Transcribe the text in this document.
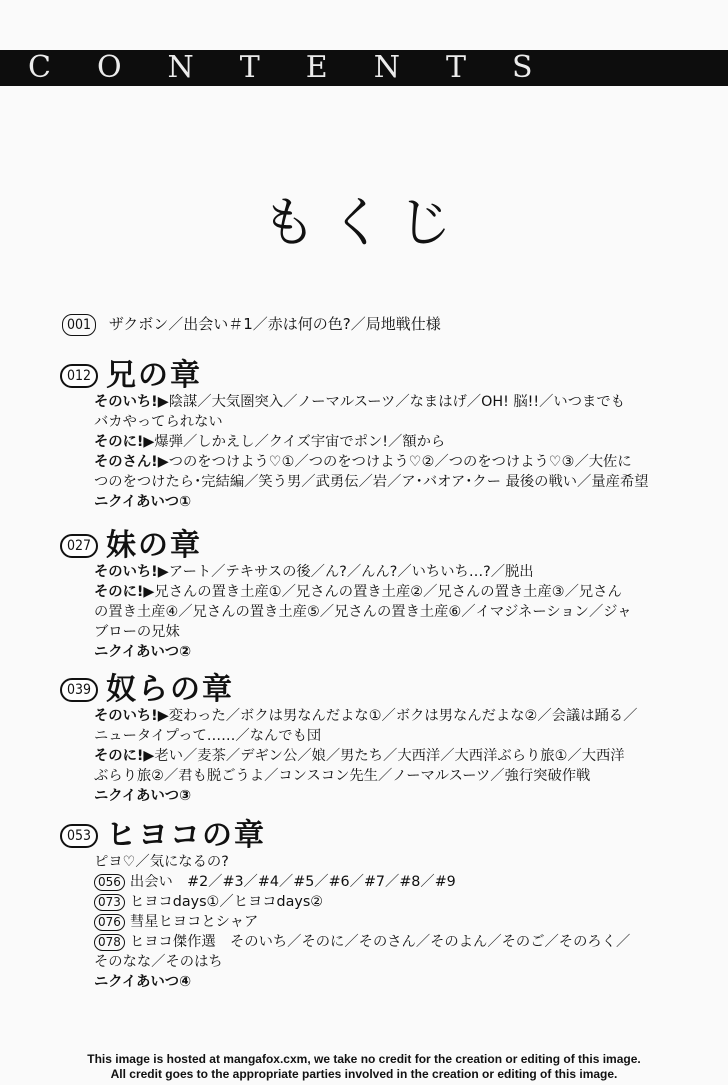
CONTENTS
もくじ
001 ザクボン／出会い＃1／赤は何の色?／局地戦仕様
012 兄の章
そのいち!▶陰謀／大気圏突入／ノーマルスーツ／なまはげ／OH! 脳!!／いつまでも
バカやってられない
そのに!▶爆弾／しかえし／クイズ宇宙でポン!／額から
そのさん!▶つのをつけよう♡①／つのをつけよう♡②／つのをつけよう♡③／大佐に
つのをつけたら･完結編／笑う男／武勇伝／岩／ア･バオア･クー 最後の戦い／量産希望
ニクイあいつ①
027 妹の章
そのいち!▶アート／テキサスの後／ん?／んん?／いちいち…?／脱出
そのに!▶兄さんの置き土産①／兄さんの置き土産②／兄さんの置き土産③／兄さん
の置き土産④／兄さんの置き土産⑤／兄さんの置き土産⑥／イマジネーション／ジャ
ブローの兄妹
ニクイあいつ②
039 奴らの章
そのいち!▶変わった／ボクは男なんだよな①／ボクは男なんだよな②／会議は踊る／
ニュータイプって……／なんでも団
そのに!▶老い／麦茶／デギン公／娘／男たち／大西洋／大西洋ぶらり旅①／大西洋
ぶらり旅②／君も脱ごうよ／コンスコン先生／ノーマルスーツ／強行突破作戦
ニクイあいつ③
053 ヒヨコの章
ピヨ♡／気になるの?
056 出会い　#2／#3／#4／#5／#6／#7／#8／#9
073 ヒヨコdays①／ヒヨコdays②
076 彗星ヒヨコとシャア
078 ヒヨコ傑作選　そのいち／そのに／そのさん／そのよん／そのご／そのろく／
そのなな／そのはち
ニクイあいつ④
This image is hosted at mangafox.cxm, we take no credit for the creation or editing of this image.
All credit goes to the appropriate parties involved in the creation or editing of this image.
